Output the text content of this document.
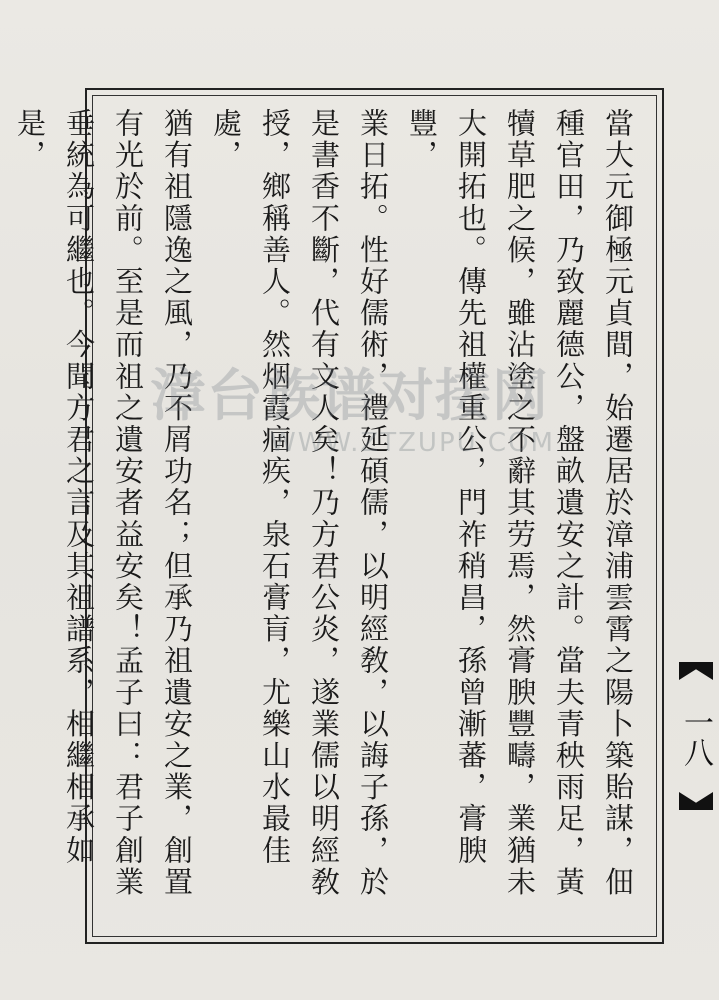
當大元御極元貞間，始遷居於漳浦雲霄之陽卜築貽謀，佃
種官田，乃致麗德公，盤畝遺安之計。當夫青秧雨足，黃
犢草肥之候，雖沾塗之不辭其劳焉，然膏腴豐疇，業猶未
大開拓也。傳先祖權重公，門祚稍昌，孫曾漸蕃，膏腴豐，
業日拓。性好儒術，禮延碩儒，以明經敎，以誨子孫，於
是書香不斷，代有文人矣！乃方君公炎，遂業儒以明經敎
授，鄉稱善人。然烟霞痼疾，泉石膏肓，尤樂山水最佳處，
猶有祖隱逸之風，乃不屑功名；但承乃祖遺安之業，創置
有光於前。至是而祖之遺安者益安矣！孟子曰：君子創業
垂統為可繼也。今聞方君之言及其祖譜系，相繼相承如是，
漳台族谱对接网
WWW.ZTZUPU.COM
一八
